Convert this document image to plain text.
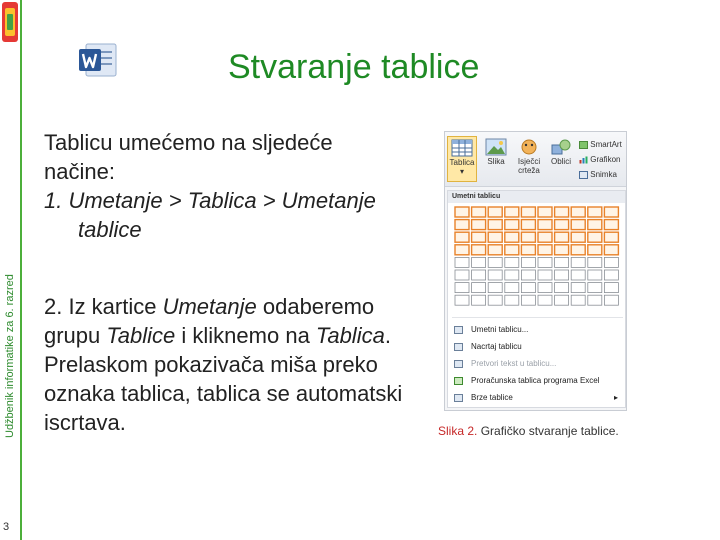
Udžbenik informatike za 6. razred
3
Stvaranje tablice
Tablicu umećemo na sljedeće
načine:
1. Umetanje > Tablica > Umetanje tablice
2. Iz kartice Umetanje odaberemo grupu Tablice i kliknemo na Tablica. Prelaskom pokazivača miša preko oznaka tablica, tablica se automatski iscrtava.
Tablica
▾
Slika	Isječci
crteža
Oblici
SmartArt
Grafikon
Snimka
Umetni tablicu
Umetni tablicu...
Nacrtaj tablicu
Pretvori tekst u tablicu...
Proračunska tablica programa Excel
Brze tablice	▸
Slika 2. Grafičko stvaranje tablice.
